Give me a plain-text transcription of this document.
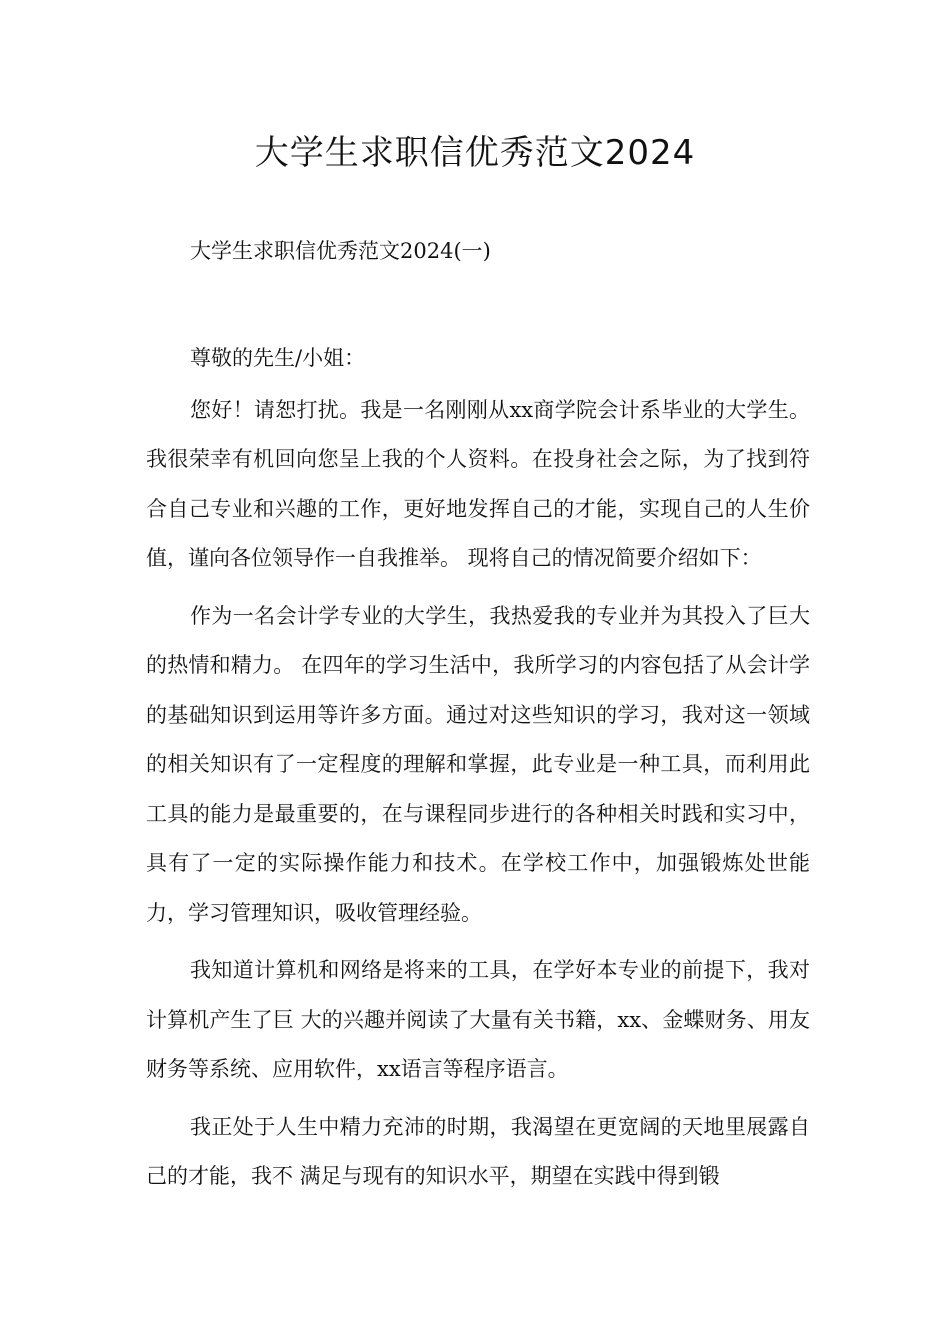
大学生求职信优秀范文2024

大学生求职信优秀范文2024(一)

尊敬的先生/小姐：

您好！请恕打扰。我是一名刚刚从xx商学院会计系毕业的大学生。我很荣幸有机回向您呈上我的个人资料。在投身社会之际，为了找到符合自己专业和兴趣的工作，更好地发挥自己的才能，实现自己的人生价值，谨向各位领导作一自我推举。 现将自己的情况简要介绍如下：

作为一名会计学专业的大学生，我热爱我的专业并为其投入了巨大的热情和精力。 在四年的学习生活中，我所学习的内容包括了从会计学的基础知识到运用等许多方面。通过对这些知识的学习，我对这一领域的相关知识有了一定程度的理解和掌握，此专业是一种工具，而利用此工具的能力是最重要的，在与课程同步进行的各种相关时践和实习中， 具有了一定的实际操作能力和技术。在学校工作中，加强锻炼处世能力，学习管理知识，吸收管理经验。

我知道计算机和网络是将来的工具，在学好本专业的前提下，我对计算机产生了巨 大的兴趣并阅读了大量有关书籍，xx、金蝶财务、用友财务等系统、应用软件，xx语言等程序语言。

我正处于人生中精力充沛的时期，我渴望在更宽阔的天地里展露自己的才能，我不 满足与现有的知识水平，期望在实践中得到锻
